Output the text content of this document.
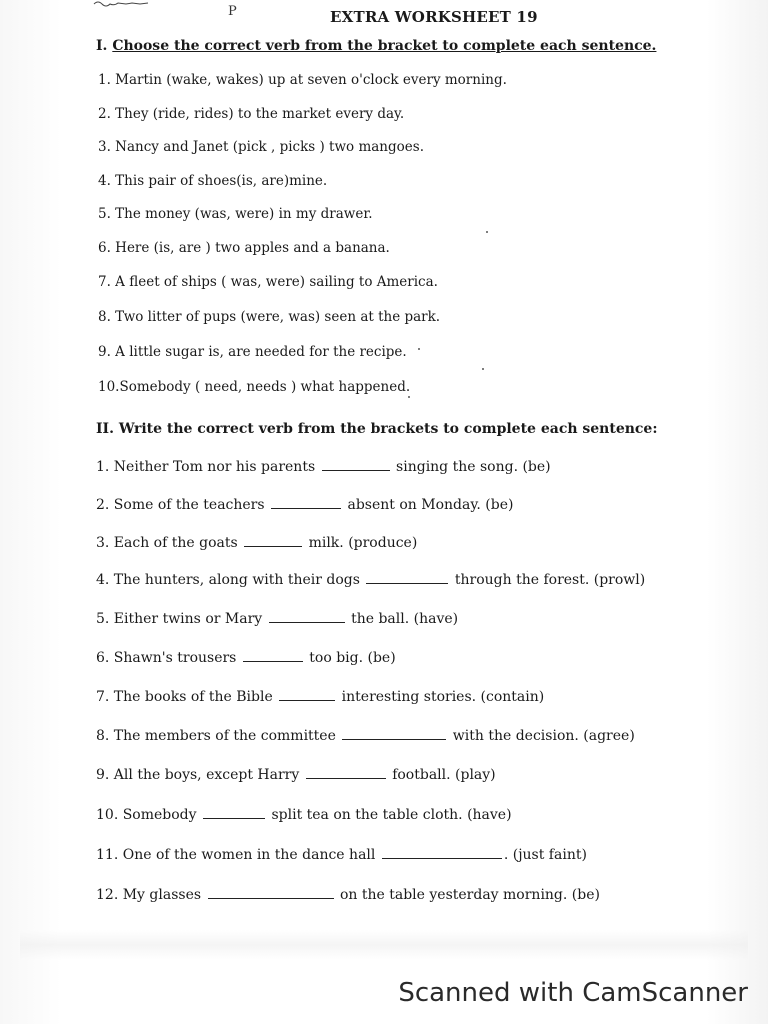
P	EXTRA WORKSHEET 19
I. Choose the correct verb from the bracket to complete each sentence.
1. Martin (wake, wakes) up at seven o'clock every morning.
2. They (ride, rides) to the market every day.
3. Nancy and Janet (pick , picks ) two mangoes.
4. This pair of shoes(is, are)mine.
5. The money (was, were) in my drawer.
6. Here (is, are ) two apples and a banana.
7. A fleet of ships ( was, were) sailing to America.
8. Two litter of pups (were, was) seen at the park.
9. A little sugar is, are needed for the recipe.
10.Somebody ( need, needs ) what happened.
II. Write the correct verb from the brackets to complete each sentence:
1. Neither Tom nor his parents	singing the song. (be)
2. Some of the teachers	absent on Monday. (be)
3. Each of the goats	milk. (produce)
4. The hunters, along with their dogs	through the forest. (prowl)
5. Either twins or Mary	the ball. (have)
6. Shawn's trousers	too big. (be)
7. The books of the Bible	interesting stories. (contain)
8. The members of the committee	with the decision. (agree)
9. All the boys, except Harry	football. (play)
10. Somebody	split tea on the table cloth. (have)
11. One of the women in the dance hall	. (just faint)
12. My glasses	on the table yesterday morning. (be)
Scanned with CamScanner
